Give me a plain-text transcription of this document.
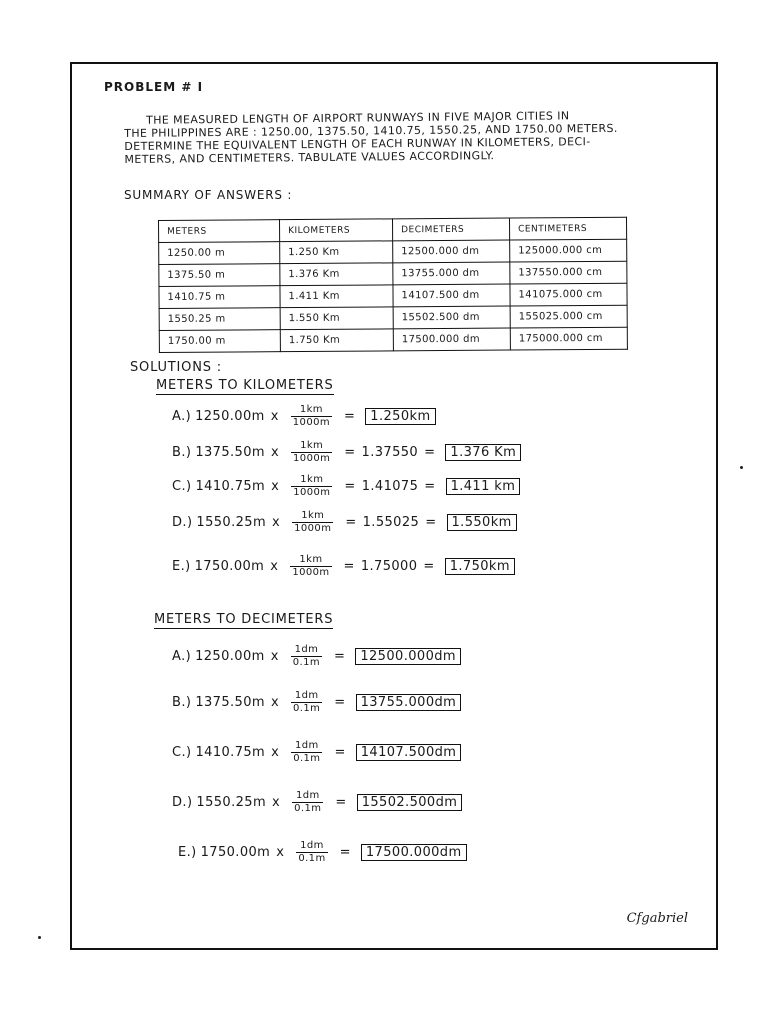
PROBLEM # I
THE MEASURED LENGTH OF AIRPORT RUNWAYS IN FIVE MAJOR CITIES IN
THE PHILIPPINES ARE : 1250.00, 1375.50, 1410.75, 1550.25, AND 1750.00 METERS.
DETERMINE THE EQUIVALENT LENGTH OF EACH RUNWAY IN KILOMETERS, DECI-
METERS, AND CENTIMETERS. TABULATE VALUES ACCORDINGLY.
SUMMARY OF ANSWERS :
METERS	KILOMETERS	DECIMETERS	CENTIMETERS
1250.00 m	1.250 Km	12500.000 dm	125000.000 cm
1375.50 m	1.376 Km	13755.000 dm	137550.000 cm
1410.75 m	1.411 Km	14107.500 dm	141075.000 cm
1550.25 m	1.550 Km	15502.500 dm	155025.000 cm
1750.00 m	1.750 Km	17500.000 dm	175000.000 cm
SOLUTIONS :
METERS TO KILOMETERS
A.) 1250.00m x $\frac{1km}{1000m}$ =	1.250km
B.) 1375.50m x $\frac{1km}{1000m} = 1.37550$ =	1.376 Km
C.) 1410.75m x $\frac{1km}{1000m} = 1.41075$ =	1.411 km
D.) 1550.25m x $\frac{1km}{1000m} = 1.55025$ =	1.550km
E.) 1750.00m x $\frac{1km}{1000m} = 1.75000$ =	1.750km
METERS TO DECIMETERS
A.) 1250.00m x $\frac{1dm}{0.1m}$ =	12500.000dm
B.) 1375.50m x $\frac{1dm}{0.1m}$ =	13755.000dm
C.) 1410.75m x $\frac{1dm}{0.1m}$ =	14107.500dm
D.) 1550.25m x $\frac{1dm}{0.1m}$ =	15502.500dm
E.) 1750.00m x $\frac{1dm}{0.1m}$ =	17500.000dm
Cfgabriel
